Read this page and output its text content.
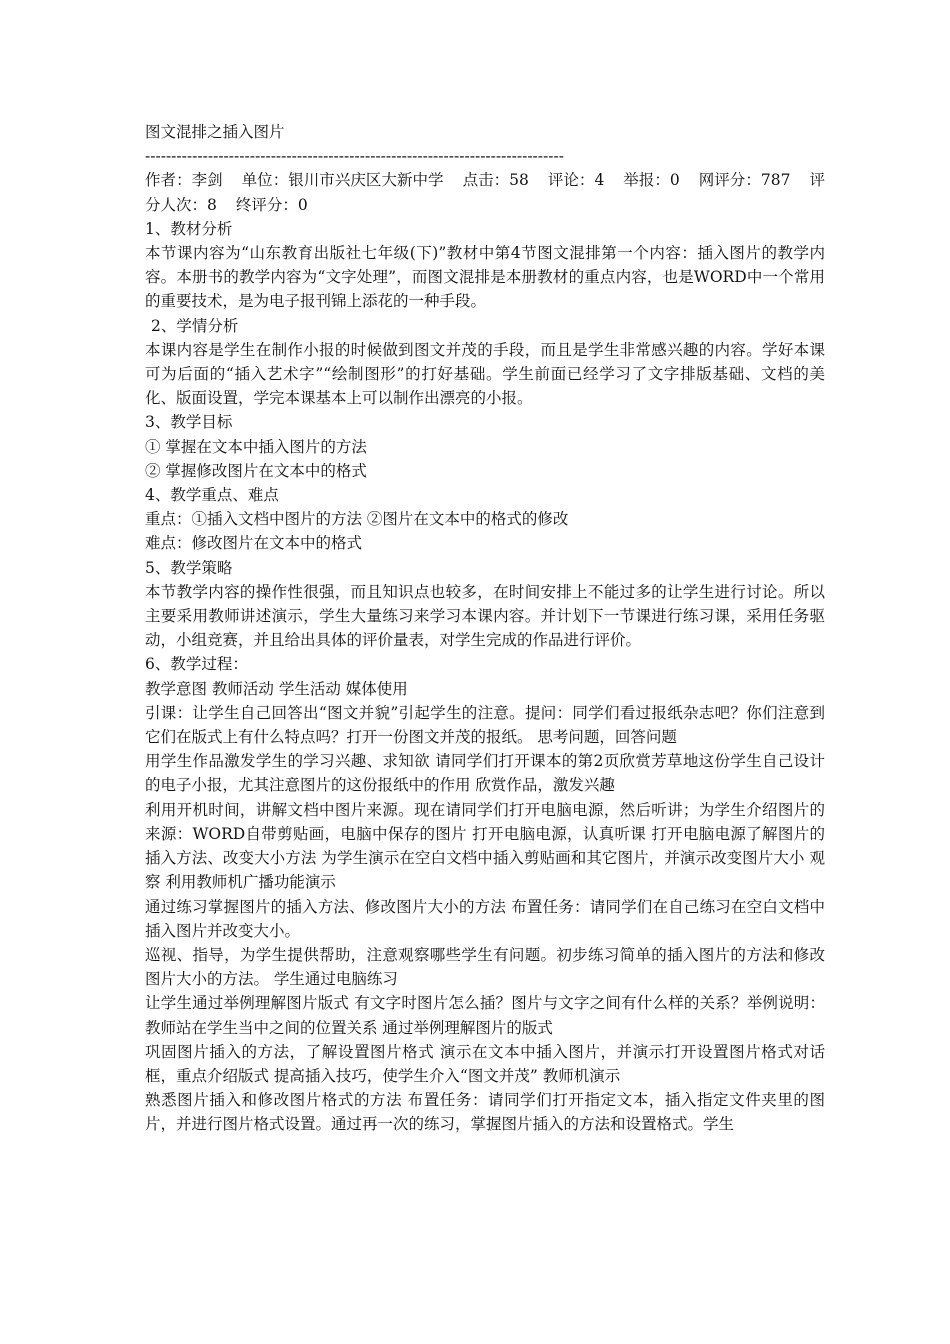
图文混排之插入图片

--------------------------------------------------------------------------------

作者：李剑 单位：银川市兴庆区大新中学 点击：58 评论：4 举报：0 网评分：787 评分人次：8 终评分：0

1、教材分析

本节课内容为“山东教育出版社七年级(下)”教材中第4节图文混排第一个内容：插入图片的教学内容。本册书的教学内容为“文字处理”，而图文混排是本册教材的重点内容，也是WORD中一个常用的重要技术，是为电子报刊锦上添花的一种手段。

2、学情分析

本课内容是学生在制作小报的时候做到图文并茂的手段，而且是学生非常感兴趣的内容。学好本课可为后面的“插入艺术字”“绘制图形”的打好基础。学生前面已经学习了文字排版基础、文档的美化、版面设置，学完本课基本上可以制作出漂亮的小报。

3、教学目标

① 掌握在文本中插入图片的方法

② 掌握修改图片在文本中的格式

4、教学重点、难点

重点：①插入文档中图片的方法 ②图片在文本中的格式的修改

难点：修改图片在文本中的格式

5、教学策略

本节教学内容的操作性很强，而且知识点也较多，在时间安排上不能过多的让学生进行讨论。所以主要采用教师讲述演示，学生大量练习来学习本课内容。并计划下一节课进行练习课，采用任务驱动，小组竞赛，并且给出具体的评价量表，对学生完成的作品进行评价。

6、教学过程：

教学意图 教师活动 学生活动 媒体使用

引课：让学生自己回答出“图文并貌”引起学生的注意。提问：同学们看过报纸杂志吧？你们注意到它们在版式上有什么特点吗？打开一份图文并茂的报纸。 思考问题，回答问题

用学生作品激发学生的学习兴趣、求知欲 请同学们打开课本的第2页欣赏芳草地这份学生自己设计的电子小报，尤其注意图片的这份报纸中的作用 欣赏作品，激发兴趣

利用开机时间，讲解文档中图片来源。现在请同学们打开电脑电源，然后听讲；为学生介绍图片的来源：WORD自带剪贴画，电脑中保存的图片 打开电脑电源，认真听课 打开电脑电源了解图片的插入方法、改变大小方法 为学生演示在空白文档中插入剪贴画和其它图片，并演示改变图片大小 观察 利用教师机广播功能演示

通过练习掌握图片的插入方法、修改图片大小的方法 布置任务：请同学们在自己练习在空白文档中插入图片并改变大小。

巡视、指导，为学生提供帮助，注意观察哪些学生有问题。初步练习简单的插入图片的方法和修改图片大小的方法。 学生通过电脑练习

让学生通过举例理解图片版式 有文字时图片怎么插？图片与文字之间有什么样的关系？举例说明：教师站在学生当中之间的位置关系 通过举例理解图片的版式

巩固图片插入的方法，了解设置图片格式 演示在文本中插入图片，并演示打开设置图片格式对话框，重点介绍版式 提高插入技巧，使学生介入“图文并茂” 教师机演示

熟悉图片插入和修改图片格式的方法 布置任务：请同学们打开指定文本，插入指定文件夹里的图片，并进行图片格式设置。通过再一次的练习，掌握图片插入的方法和设置格式。学生
